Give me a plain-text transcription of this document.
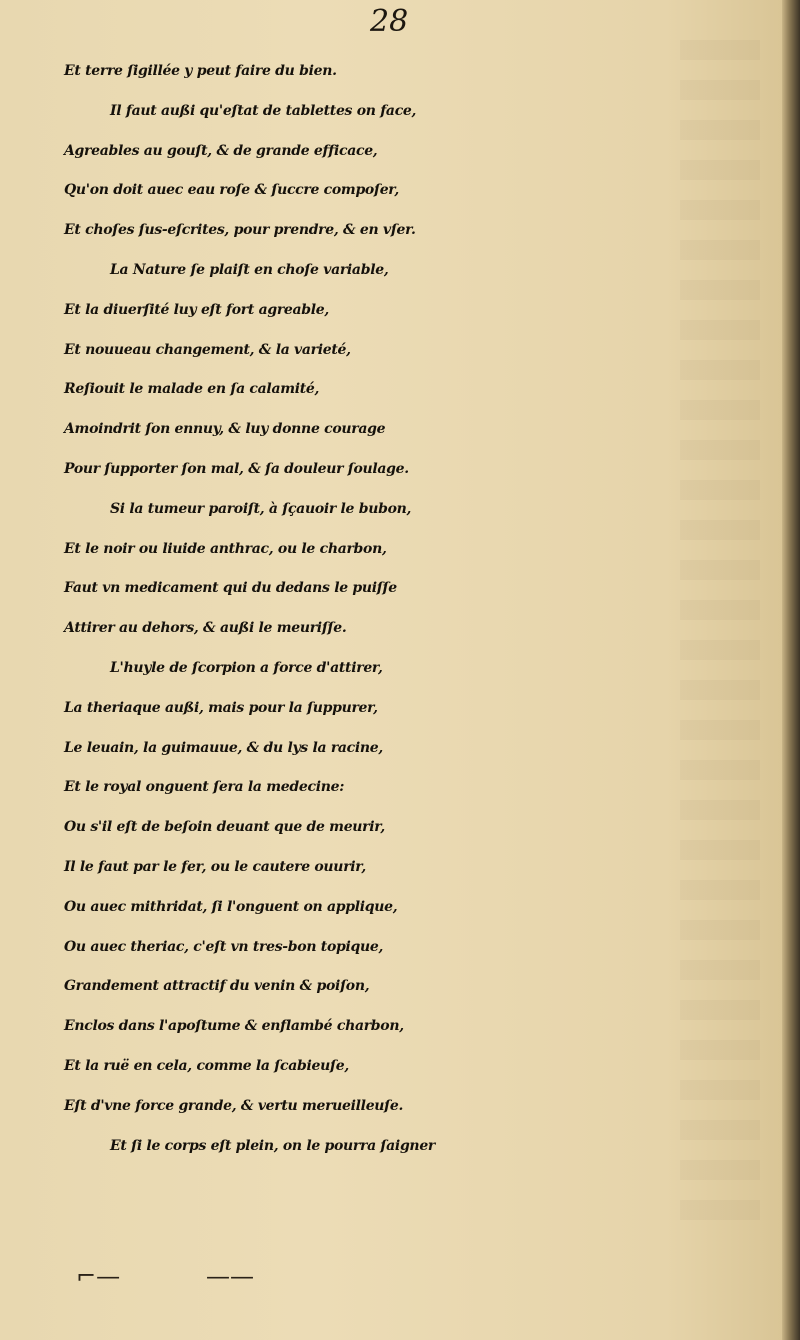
28
Et terre ſigillée y peut faire du bien.
Il faut außi qu'eſtat de tablettes on face,
Agreables au gouſt, & de grande efficace,
Qu'on doit auec eau roſe & ſuccre compoſer,
Et choſes ſus-eſcrites, pour prendre, & en vſer.
La Nature ſe plaiſt en choſe variable,
Et la diuerſité luy eſt fort agreable,
Et nouueau changement, & la varieté,
Reſiouit le malade en ſa calamité,
Amoindrit ſon ennuy, & luy donne courage
Pour ſupporter ſon mal, & ſa douleur ſoulage.
Si la tumeur paroiſt, à ſçauoir le bubon,
Et le noir ou liuide anthrac, ou le charbon,
Faut vn medicament qui du dedans le puiſſe
Attirer au dehors, & außi le meuriſſe.
L'huyle de ſcorpion a force d'attirer,
La theriaque außi, mais pour la ſuppurer,
Le leuain, la guimauue, & du lys la racine,
Et le royal onguent ſera la medecine:
Ou s'il eſt de beſoin deuant que de meurir,
Il le faut par le fer, ou le cautere ouurir,
Ou auec mithridat, ſi l'onguent on applique,
Ou auec theriac, c'eſt vn tres-bon topique,
Grandement attractif du venin & poiſon,
Enclos dans l'apoſtume & enflambé charbon,
Et la ruë en cela, comme la ſcabieuſe,
Eſt d'vne force grande, & vertu merueilleuſe.
Et ſi le corps eſt plein, on le pourra ſaigner
⌐—	——
